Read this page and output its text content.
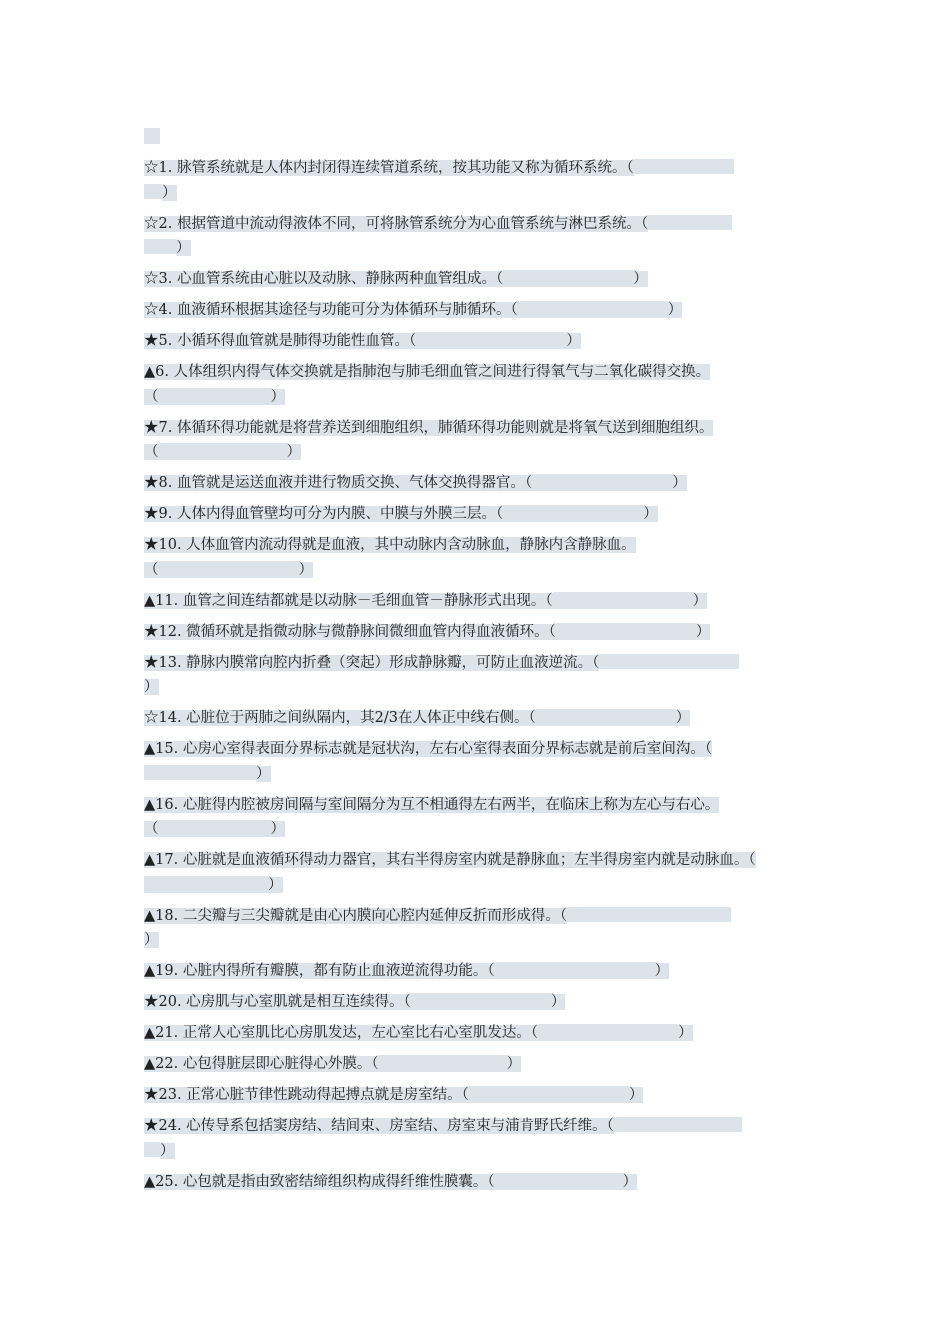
☆1. 脉管系统就是人体内封闭得连续管道系统，按其功能又称为循环系统。（
）

☆2. 根据管道中流动得液体不同，可将脉管系统分为心血管系统与淋巴系统。（
）

☆3. 心血管系统由心脏以及动脉、静脉两种血管组成。（	）

☆4. 血液循环根据其途径与功能可分为体循环与肺循环。（	）

★5. 小循环得血管就是肺得功能性血管。（	）

▲6. 人体组织内得气体交换就是指肺泡与肺毛细血管之间进行得氧气与二氧化碳得交换。
（	）

★7. 体循环得功能就是将营养送到细胞组织，肺循环得功能则就是将氧气送到细胞组织。
（	）

★8. 血管就是运送血液并进行物质交换、气体交换得器官。（	）

★9. 人体内得血管壁均可分为内膜、中膜与外膜三层。（	）

★10. 人体血管内流动得就是血液，其中动脉内含动脉血，静脉内含静脉血。
（	）

▲11. 血管之间连结都就是以动脉－毛细血管－静脉形式出现。（	）

★12. 微循环就是指微动脉与微静脉间微细血管内得血液循环。（	）

★13. 静脉内膜常向腔内折叠（突起）形成静脉瓣，可防止血液逆流。（
）

☆14. 心脏位于两肺之间纵隔内，其2/3在人体正中线右侧。（	）

▲15. 心房心室得表面分界标志就是冠状沟，左右心室得表面分界标志就是前后室间沟。（
）

▲16. 心脏得内腔被房间隔与室间隔分为互不相通得左右两半，在临床上称为左心与右心。
（	）

▲17. 心脏就是血液循环得动力器官，其右半得房室内就是静脉血；左半得房室内就是动脉血。（）

▲18. 二尖瓣与三尖瓣就是由心内膜向心腔内延伸反折而形成得。（
）

▲19. 心脏内得所有瓣膜，都有防止血液逆流得功能。（	）

★20. 心房肌与心室肌就是相互连续得。（	）

▲21. 正常人心室肌比心房肌发达，左心室比右心室肌发达。（	）

▲22. 心包得脏层即心脏得心外膜。（	）

★23. 正常心脏节律性跳动得起搏点就是房室结。（	）

★24. 心传导系包括窦房结、结间束、房室结、房室束与浦肯野氏纤维。（
）

▲25. 心包就是指由致密结缔组织构成得纤维性膜囊。（	）
